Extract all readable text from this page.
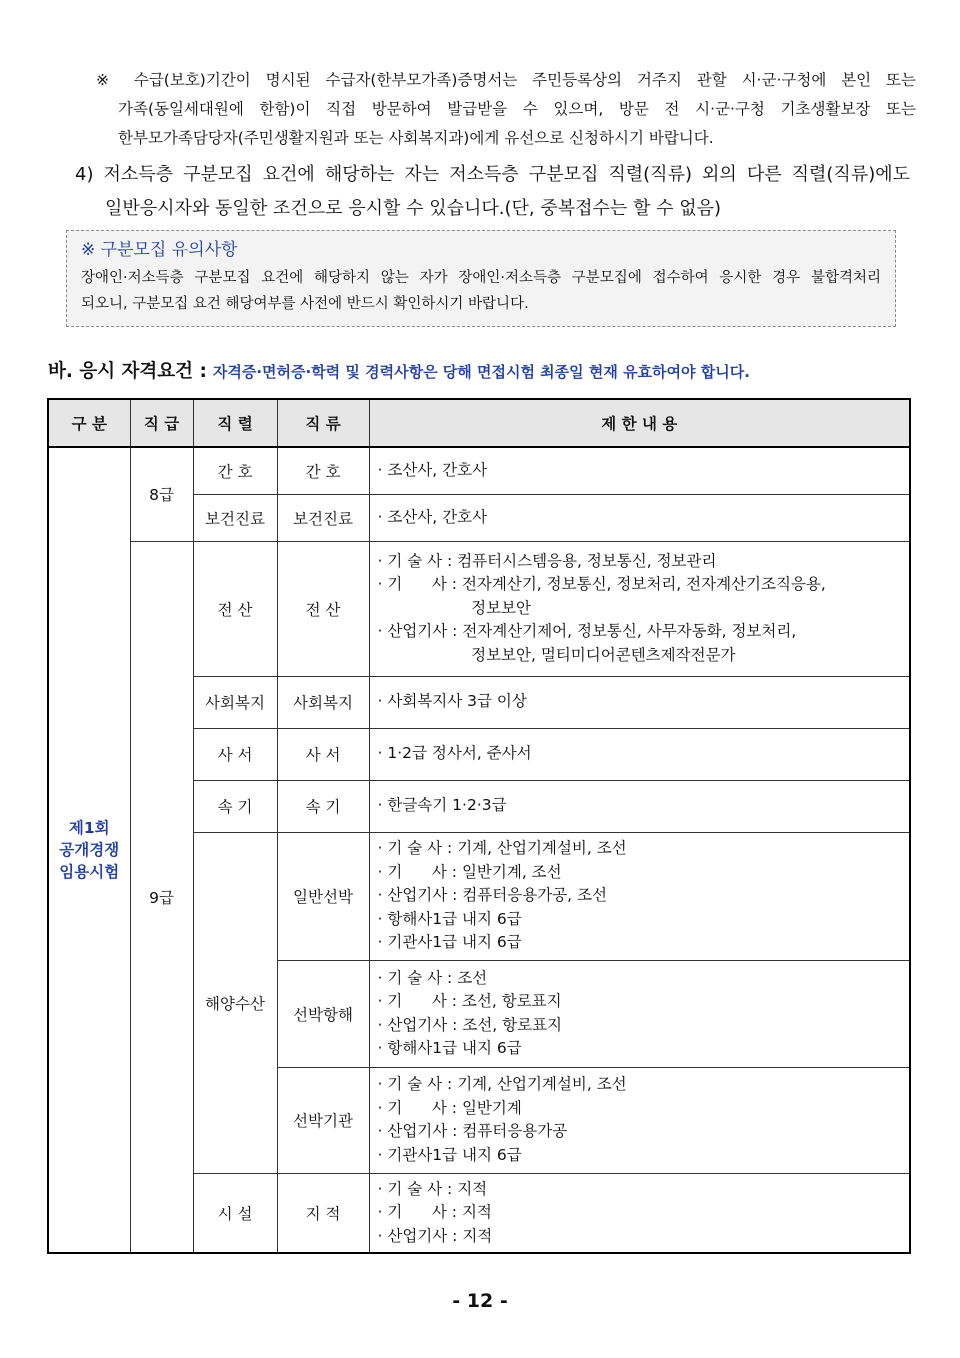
※ 수급(보호)기간이 명시된 수급자(한부모가족)증명서는 주민등록상의 거주지 관할 시·군·구청에 본인 또는

가족(동일세대원에 한함)이 직접 방문하여 발급받을 수 있으며, 방문 전 시·군·구청 기초생활보장 또는

한부모가족담당자(주민생활지원과 또는 사회복지과)에게 유선으로 신청하시기 바랍니다.

4) 저소득층 구분모집 요건에 해당하는 자는 저소득층 구분모집 직렬(직류) 외의 다른 직렬(직류)에도

일반응시자와 동일한 조건으로 응시할 수 있습니다.(단, 중복접수는 할 수 없음)

※ 구분모집 유의사항

장애인·저소득층 구분모집 요건에 해당하지 않는 자가 장애인·저소득층 구분모집에 접수하여 응시한 경우 불합격처리

되오니, 구분모집 요건 해당여부를 사전에 반드시 확인하시기 바랍니다.

바. 응시 자격요건 : 자격증·면허증·학력 및 경력사항은 당해 면접시험 최종일 현재 유효하여야 합니다.
구 분	직 급	직 렬	직 류	제 한 내 용

제1회
공개경쟁
임용시험	8급	간 호	간 호	· 조산사, 간호사

		보건진료	보건진료	· 조산사, 간호사

	9급	전 산	전 산	· 기 술 사 : 컴퓨터시스템응용, 정보통신, 정보관리
· 기      사 : 전자계산기, 정보통신, 정보처리, 전자계산기조직응용,
정보보안
· 산업기사 : 전자계산기제어, 정보통신, 사무자동화, 정보처리,
정보보안, 멀티미디어콘텐츠제작전문가

		사회복지	사회복지	· 사회복지사 3급 이상

		사 서	사 서	· 1·2급 정사서, 준사서

		속 기	속 기	· 한글속기 1·2·3급

		해양수산	일반선박	· 기 술 사 : 기계, 산업기계설비, 조선
· 기      사 : 일반기계, 조선
· 산업기사 : 컴퓨터응용가공, 조선
· 항해사1급 내지 6급
· 기관사1급 내지 6급

			선박항해	· 기 술 사 : 조선
· 기      사 : 조선, 항로표지
· 산업기사 : 조선, 항로표지
· 항해사1급 내지 6급

			선박기관	· 기 술 사 : 기계, 산업기계설비, 조선
· 기      사 : 일반기계
· 산업기사 : 컴퓨터응용가공
· 기관사1급 내지 6급

		시 설	지 적	· 기 술 사 : 지적
· 기      사 : 지적
· 산업기사 : 지적
- 12 -
